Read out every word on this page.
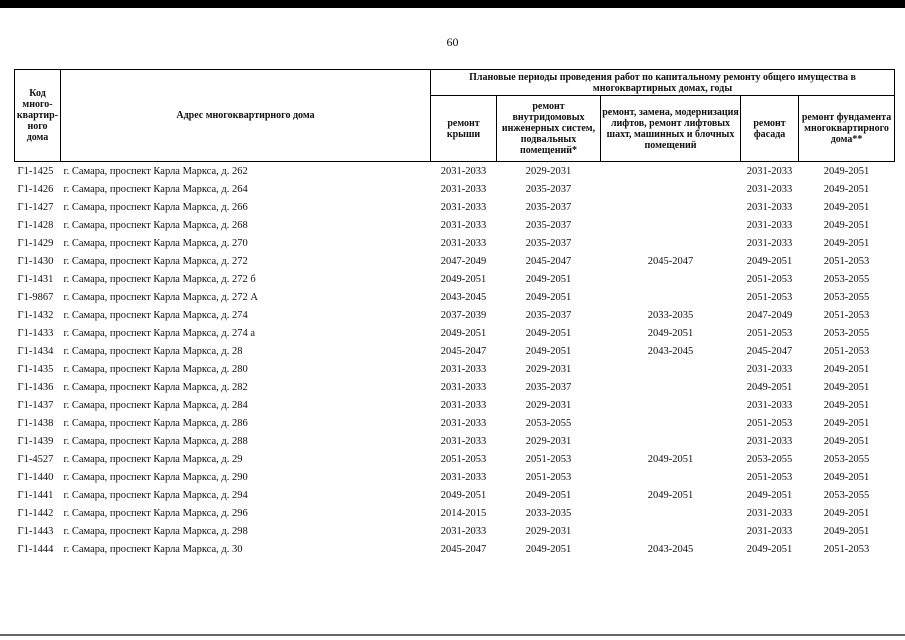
60
Код много-квартир-ного дома	Адрес многоквартирного дома	Плановые периоды проведения работ по капитальному ремонту общего имущества в многоквартирных домах, годы				
		ремонт крыши	ремонт внутридомовых инженерных систем, подвальных помещений*	ремонт, замена, модернизация лифтов, ремонт лифтовых шахт, машинных и блочных помещений	ремонт фасада	ремонт фундамента многоквартирного дома**
Г1-1425	г. Самара, проспект Карла Маркса, д. 262	2031-2033	2029-2031		2031-2033	2049-2051
Г1-1426	г. Самара, проспект Карла Маркса, д. 264	2031-2033	2035-2037		2031-2033	2049-2051
Г1-1427	г. Самара, проспект Карла Маркса, д. 266	2031-2033	2035-2037		2031-2033	2049-2051
Г1-1428	г. Самара, проспект Карла Маркса, д. 268	2031-2033	2035-2037		2031-2033	2049-2051
Г1-1429	г. Самара, проспект Карла Маркса, д. 270	2031-2033	2035-2037		2031-2033	2049-2051
Г1-1430	г. Самара, проспект Карла Маркса, д. 272	2047-2049	2045-2047	2045-2047	2049-2051	2051-2053
Г1-1431	г. Самара, проспект Карла Маркса, д. 272 б	2049-2051	2049-2051		2051-2053	2053-2055
Г1-9867	г. Самара, проспект Карла Маркса, д. 272 А	2043-2045	2049-2051		2051-2053	2053-2055
Г1-1432	г. Самара, проспект Карла Маркса, д. 274	2037-2039	2035-2037	2033-2035	2047-2049	2051-2053
Г1-1433	г. Самара, проспект Карла Маркса, д. 274 а	2049-2051	2049-2051	2049-2051	2051-2053	2053-2055
Г1-1434	г. Самара, проспект Карла Маркса, д. 28	2045-2047	2049-2051	2043-2045	2045-2047	2051-2053
Г1-1435	г. Самара, проспект Карла Маркса, д. 280	2031-2033	2029-2031		2031-2033	2049-2051
Г1-1436	г. Самара, проспект Карла Маркса, д. 282	2031-2033	2035-2037		2049-2051	2049-2051
Г1-1437	г. Самара, проспект Карла Маркса, д. 284	2031-2033	2029-2031		2031-2033	2049-2051
Г1-1438	г. Самара, проспект Карла Маркса, д. 286	2031-2033	2053-2055		2051-2053	2049-2051
Г1-1439	г. Самара, проспект Карла Маркса, д. 288	2031-2033	2029-2031		2031-2033	2049-2051
Г1-4527	г. Самара, проспект Карла Маркса, д. 29	2051-2053	2051-2053	2049-2051	2053-2055	2053-2055
Г1-1440	г. Самара, проспект Карла Маркса, д. 290	2031-2033	2051-2053		2051-2053	2049-2051
Г1-1441	г. Самара, проспект Карла Маркса, д. 294	2049-2051	2049-2051	2049-2051	2049-2051	2053-2055
Г1-1442	г. Самара, проспект Карла Маркса, д. 296	2014-2015	2033-2035		2031-2033	2049-2051
Г1-1443	г. Самара, проспект Карла Маркса, д. 298	2031-2033	2029-2031		2031-2033	2049-2051
Г1-1444	г. Самара, проспект Карла Маркса, д. 30	2045-2047	2049-2051	2043-2045	2049-2051	2051-2053
